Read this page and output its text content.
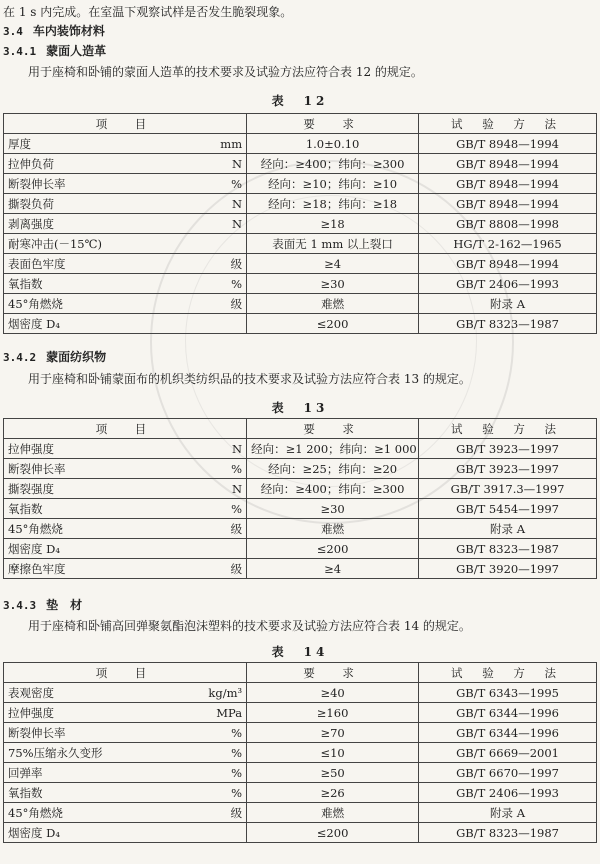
在 1 s 内完成。在室温下观察试样是否发生脆裂现象。
3.4 车内装饰材料
3.4.1 蒙面人造革
用于座椅和卧铺的蒙面人造革的技术要求及试验方法应符合表 12 的规定。
表　12
项　目		要　求	试 验 方 法
厚度	mm	1.0±0.10	GB/T 8948—1994
拉伸负荷	N	经向：≥400；纬向：≥300	GB/T 8948—1994
断裂伸长率	%	经向：≥10；纬向：≥10	GB/T 8948—1994
撕裂负荷	N	经向：≥18；纬向：≥18	GB/T 8948—1994
剥离强度	N	≥18	GB/T 8808—1998
耐寒冲击(－15℃)		表面无 1 mm 以上裂口	HG/T 2-162—1965
表面色牢度	级	≥4	GB/T 8948—1994
氧指数	%	≥30	GB/T 2406—1993
45°角燃烧	级	难燃	附录 A
烟密度 D₄		≤200	GB/T 8323—1987
3.4.2 蒙面纺织物
用于座椅和卧铺蒙面布的机织类纺织品的技术要求及试验方法应符合表 13 的规定。
表　13
项　目		要　求	试 验 方 法
拉伸强度	N	经向：≥1 200；纬向：≥1 000	GB/T 3923—1997
断裂伸长率	%	经向：≥25；纬向：≥20	GB/T 3923—1997
撕裂强度	N	经向：≥400；纬向：≥300	GB/T 3917.3—1997
氧指数	%	≥30	GB/T 5454—1997
45°角燃烧	级	难燃	附录 A
烟密度 D₄		≤200	GB/T 8323—1987
摩擦色牢度	级	≥4	GB/T 3920—1997
3.4.3 垫　材
用于座椅和卧铺高回弹聚氨酯泡沫塑料的技术要求及试验方法应符合表 14 的规定。
表　14
项　目		要　求	试 验 方 法
表观密度	kg/m³	≥40	GB/T 6343—1995
拉伸强度	MPa	≥160	GB/T 6344—1996
断裂伸长率	%	≥70	GB/T 6344—1996
75%压缩永久变形	%	≤10	GB/T 6669—2001
回弹率	%	≥50	GB/T 6670—1997
氧指数	%	≥26	GB/T 2406—1993
45°角燃烧	级	难燃	附录 A
烟密度 D₄		≤200	GB/T 8323—1987
